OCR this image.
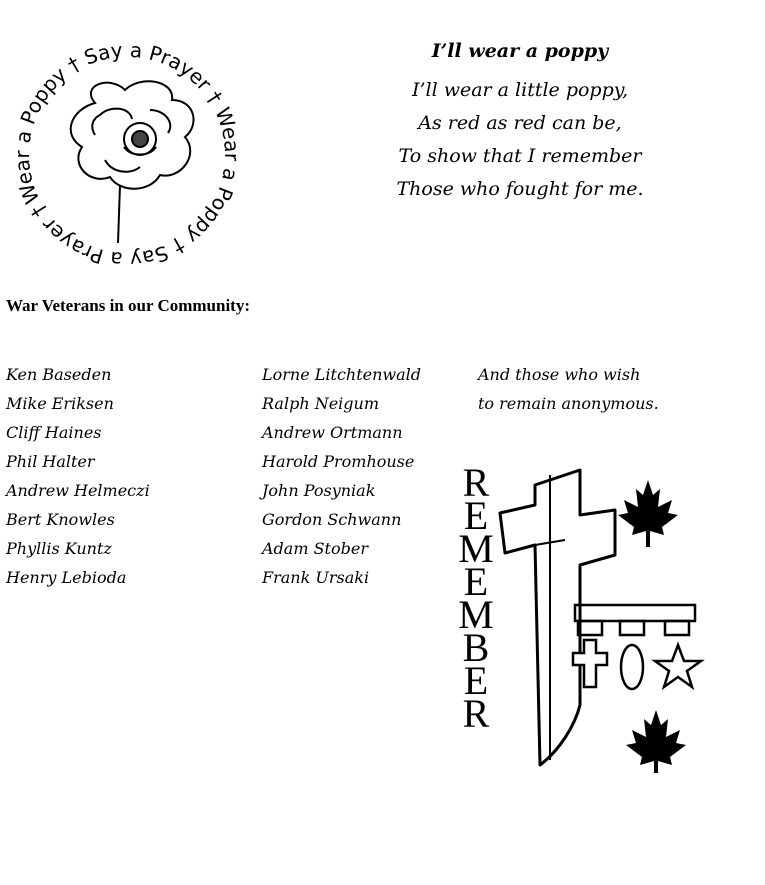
Wear a Poppy † Say a Prayer † Wear a Poppy † Say a Prayer †

I’ll wear a poppy

I’ll wear a little poppy,
As red as red can be,
To show that I remember
Those who fought for me.
War Veterans in our Community:
Ken Baseden
Mike Eriksen
Cliff Haines
Phil Halter
Andrew Helmeczi
Bert Knowles
Phyllis Kuntz
Henry Lebioda
Lorne Litchtenwald
Ralph Neigum
Andrew Ortmann
Harold Promhouse
John Posyniak
Gordon Schwann
Adam Stober
Frank Ursaki
And those who wish
to remain anonymous.
R
E
M
E
M
B
E
R
